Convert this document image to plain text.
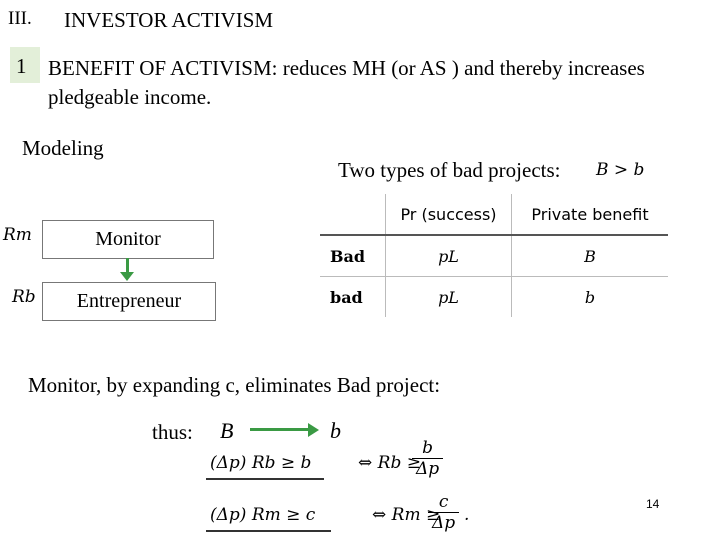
III. INVESTOR ACTIVISM
1 BENEFIT OF ACTIVISM: reduces MH (or AS ) and thereby increases pledgeable income.
Modeling
Two types of bad projects: B > b
Rm
Rb
Monitor
Entrepreneur
	Pr (success)	Private benefit
Bad	pL	B
bad	pL	b
Monitor, by expanding c, eliminates Bad project:
thus: B	b
(Δp) Rb ≥ b	⇔ Rb ≥
$\frac{b}{\Delta p}$
(Δp) Rm ≥ c	⇔ Rm ≥
$\frac{c}{\Delta p}$ .
14
